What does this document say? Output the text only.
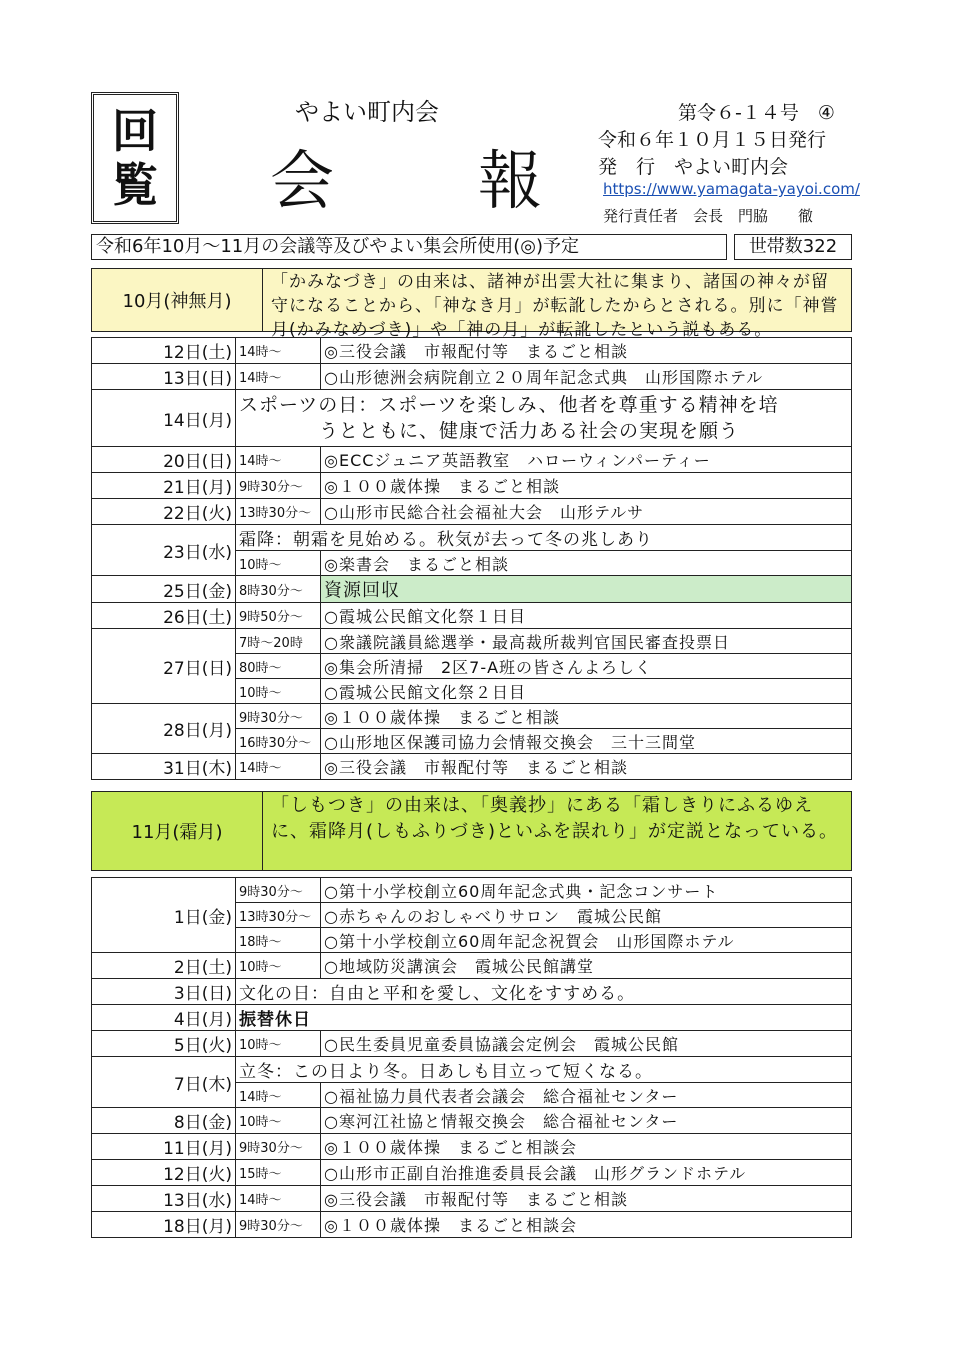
回
覧
やよい町内会
会　報
第令６-１４号　④
令和６年１０月１５日発行
発　行　やよい町内会
https://www.yamagata-yayoi.com/
発行責任者　会長　門脇　　徹
令和6年10月～11月の会議等及びやよい集会所使用(◎)予定	世帯数322
10月(神無月)
「かみなづき」の由来は、諸神が出雲大社に集まり、諸国の神々が留守になることから、「神なき月」が転訛したからとされる。別に「神嘗月(かみなめづき)」や「神の月」が転訛したという説もある。
12日(土)	14時～	◎三役会議　市報配付等　まるごと相談
13日(日)	14時～	○山形徳洲会病院創立２０周年記念式典　山形国際ホテル
14日(月)	スポーツの日：スポーツを楽しみ、他者を尊重する精神を培
　　　　うとともに、健康で活力ある社会の実現を願う	

20日(日)	14時～	◎ECCジュニア英語教室　ハローウィンパーティー
21日(月)	9時30分～	◎１００歳体操　まるごと相談
22日(火)	13時30分～	○山形市民総合社会福祉大会　山形テルサ
23日(水)	霜降：朝霜を見始める。秋気が去って冬の兆しあり	
	10時～	◎楽書会　まるごと相談
25日(金)	8時30分～	資源回収
26日(土)	9時50分～	○霞城公民館文化祭１日目
27日(日)	7時～20時	○衆議院議員総選挙・最高裁所裁判官国民審査投票日
	80時～	◎集会所清掃　2区7-A班の皆さんよろしく
	10時～	○霞城公民館文化祭２日目
28日(月)	9時30分～	◎１００歳体操　まるごと相談
	16時30分～	○山形地区保護司協力会情報交換会　三十三間堂
31日(木)	14時～	◎三役会議　市報配付等　まるごと相談
11月(霜月)
「しもつき」の由来は、「奥義抄」にある「霜しきりにふるゆえに、霜降月(しもふりづき)といふを誤れり」が定説となっている。
1日(金)	9時30分～	○第十小学校創立60周年記念式典・記念コンサート
	13時30分～	○赤ちゃんのおしゃべりサロン　霞城公民館
	18時～	○第十小学校創立60周年記念祝賀会　山形国際ホテル
2日(土)	10時～	○地域防災講演会　霞城公民館講堂
3日(日)	文化の日：自由と平和を愛し、文化をすすめる。	
4日(月)	振替休日	
5日(火)	10時～	○民生委員児童委員協議会定例会　霞城公民館
7日(木)	立冬：この日より冬。日あしも目立って短くなる。	
	14時～	○福祉協力員代表者会議会　総合福祉センター
8日(金)	10時～	○寒河江社協と情報交換会　総合福祉センター
11日(月)	9時30分～	◎１００歳体操　まるごと相談会
12日(火)	15時～	○山形市正副自治推進委員長会議　山形グランドホテル
13日(水)	14時～	◎三役会議　市報配付等　まるごと相談
18日(月)	9時30分～	◎１００歳体操　まるごと相談会
